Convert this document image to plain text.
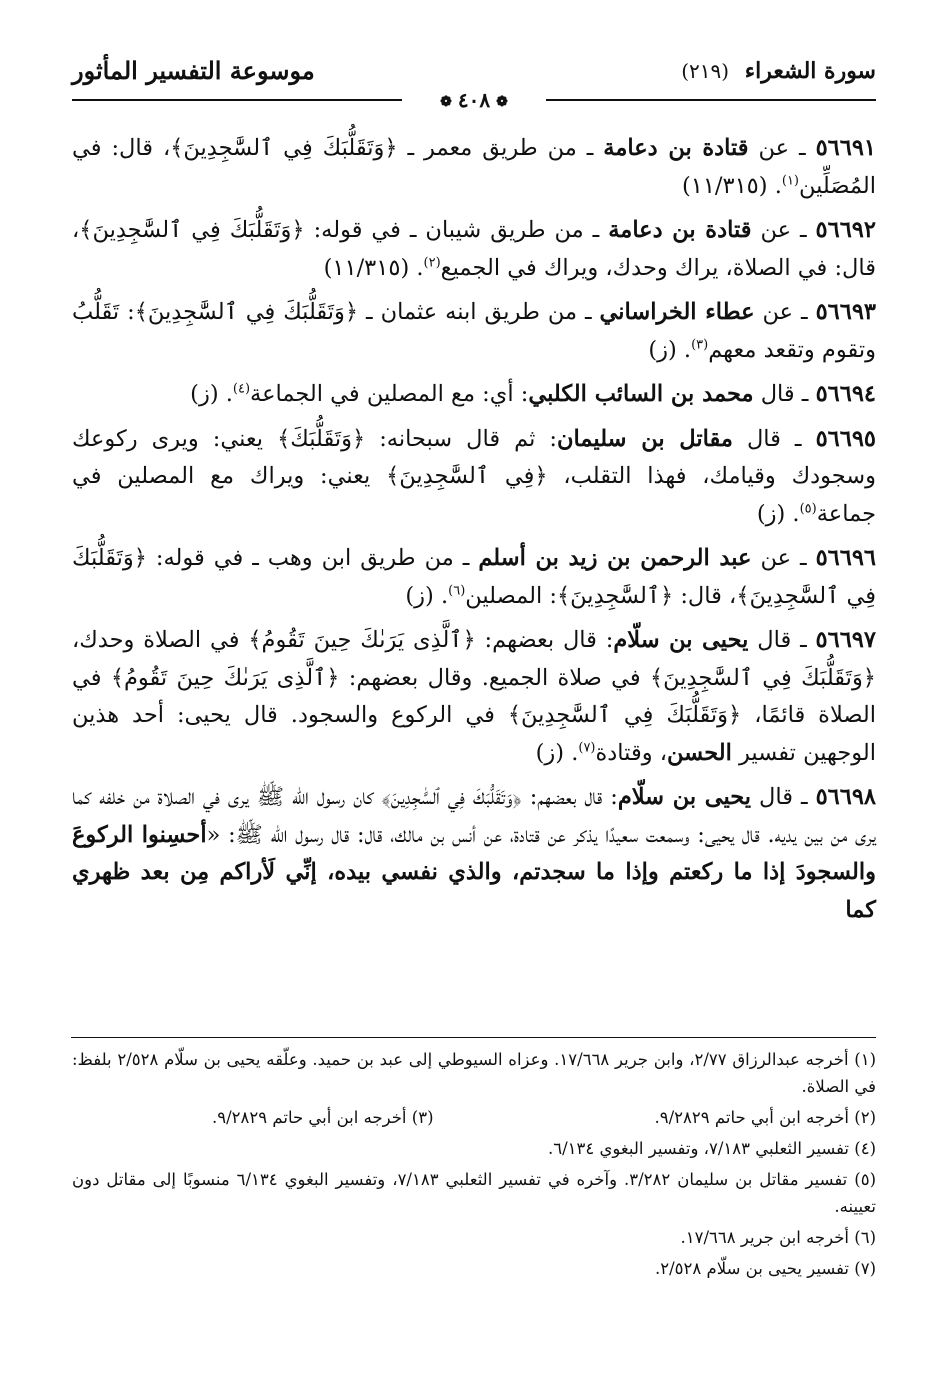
سورة الشعراء (٢١٩)
موسوعة التفسير المأثور
❁٤٠٨❁

٥٦٦٩١ ـ عن قتادة بن دعامة ـ من طريق معمر ـ ﴿وَتَقَلُّبَكَ فِي ٱلسَّٰجِدِينَ﴾، قال: في المُصَلِّين$^{(١)}$. (١١/٣١٥)

٥٦٦٩٢ ـ عن قتادة بن دعامة ـ من طريق شيبان ـ في قوله: ﴿وَتَقَلُّبَكَ فِي ٱلسَّٰجِدِينَ﴾، قال: في الصلاة، يراك وحدك، ويراك في الجميع$^{(٢)}$. (١١/٣١٥)

٥٦٦٩٣ ـ عن عطاء الخراساني ـ من طريق ابنه عثمان ـ ﴿وَتَقَلُّبَكَ فِي ٱلسَّٰجِدِينَ﴾: تَقَلُّبُ وتقوم وتقعد معهم$^{(٣)}$. (ز)

٥٦٦٩٤ ـ قال محمد بن السائب الكلبي: أي: مع المصلين في الجماعة$^{(٤)}$. (ز)

٥٦٦٩٥ ـ قال مقاتل بن سليمان: ثم قال سبحانه: ﴿وَتَقَلُّبَكَ﴾ يعني: ويرى ركوعك وسجودك وقيامك، فهذا التقلب، ﴿فِي ٱلسَّٰجِدِينَ﴾ يعني: ويراك مع المصلين في جماعة$^{(٥)}$. (ز)

٥٦٦٩٦ ـ عن عبد الرحمن بن زيد بن أسلم ـ من طريق ابن وهب ـ في قوله: ﴿وَتَقَلُّبَكَ فِي ٱلسَّٰجِدِينَ﴾، قال: ﴿ٱلسَّٰجِدِينَ﴾: المصلين$^{(٦)}$. (ز)

٥٦٦٩٧ ـ قال يحيى بن سلّام: قال بعضهم: ﴿ٱلَّذِى يَرَىٰكَ حِينَ تَقُومُ﴾ في الصلاة وحدك، ﴿وَتَقَلُّبَكَ فِي ٱلسَّٰجِدِينَ﴾ في صلاة الجميع. وقال بعضهم: ﴿ٱلَّذِى يَرَىٰكَ حِينَ تَقُومُ﴾ في الصلاة قائمًا، ﴿وَتَقَلُّبَكَ فِي ٱلسَّٰجِدِينَ﴾ في الركوع والسجود. قال يحيى: أحد هذين الوجهين تفسير الحسن، وقتادة$^{(٧)}$. (ز)

٥٦٦٩٨ ـ قال يحيى بن سلّام: قال بعضهم: ﴿وَتَقَلُّبَكَ فِي ٱلسَّٰجِدِينَ﴾ كان رسول الله ﷺ يرى في الصلاة من خلفه كما يرى من بين يديه. قال يحيى: وسمعت سعيدًا يذكر عن قتادة، عن أنس بن مالك، قال: قال رسول الله ﷺ: «أحسِنوا الركوعَ والسجودَ إذا ما ركعتم وإذا ما سجدتم، والذي نفسي بيده، إنِّي لَأراكم مِن بعد ظهري كما

(١) أخرجه عبدالرزاق ٢/٧٧، وابن جرير ١٧/٦٦٨. وعزاه السيوطي إلى عبد بن حميد. وعلّقه يحيى بن سلّام ٢/٥٢٨ بلفظ: في الصلاة.

(٢) أخرجه ابن أبي حاتم ٩/٢٨٢٩.

(٣) أخرجه ابن أبي حاتم ٩/٢٨٢٩.

(٤) تفسير الثعلبي ٧/١٨٣، وتفسير البغوي ٦/١٣٤.

(٥) تفسير مقاتل بن سليمان ٣/٢٨٢. وآخره في تفسير الثعلبي ٧/١٨٣، وتفسير البغوي ٦/١٣٤ منسوبًا إلى مقاتل دون تعيينه.

(٦) أخرجه ابن جرير ١٧/٦٦٨.

(٧) تفسير يحيى بن سلّام ٢/٥٢٨.
